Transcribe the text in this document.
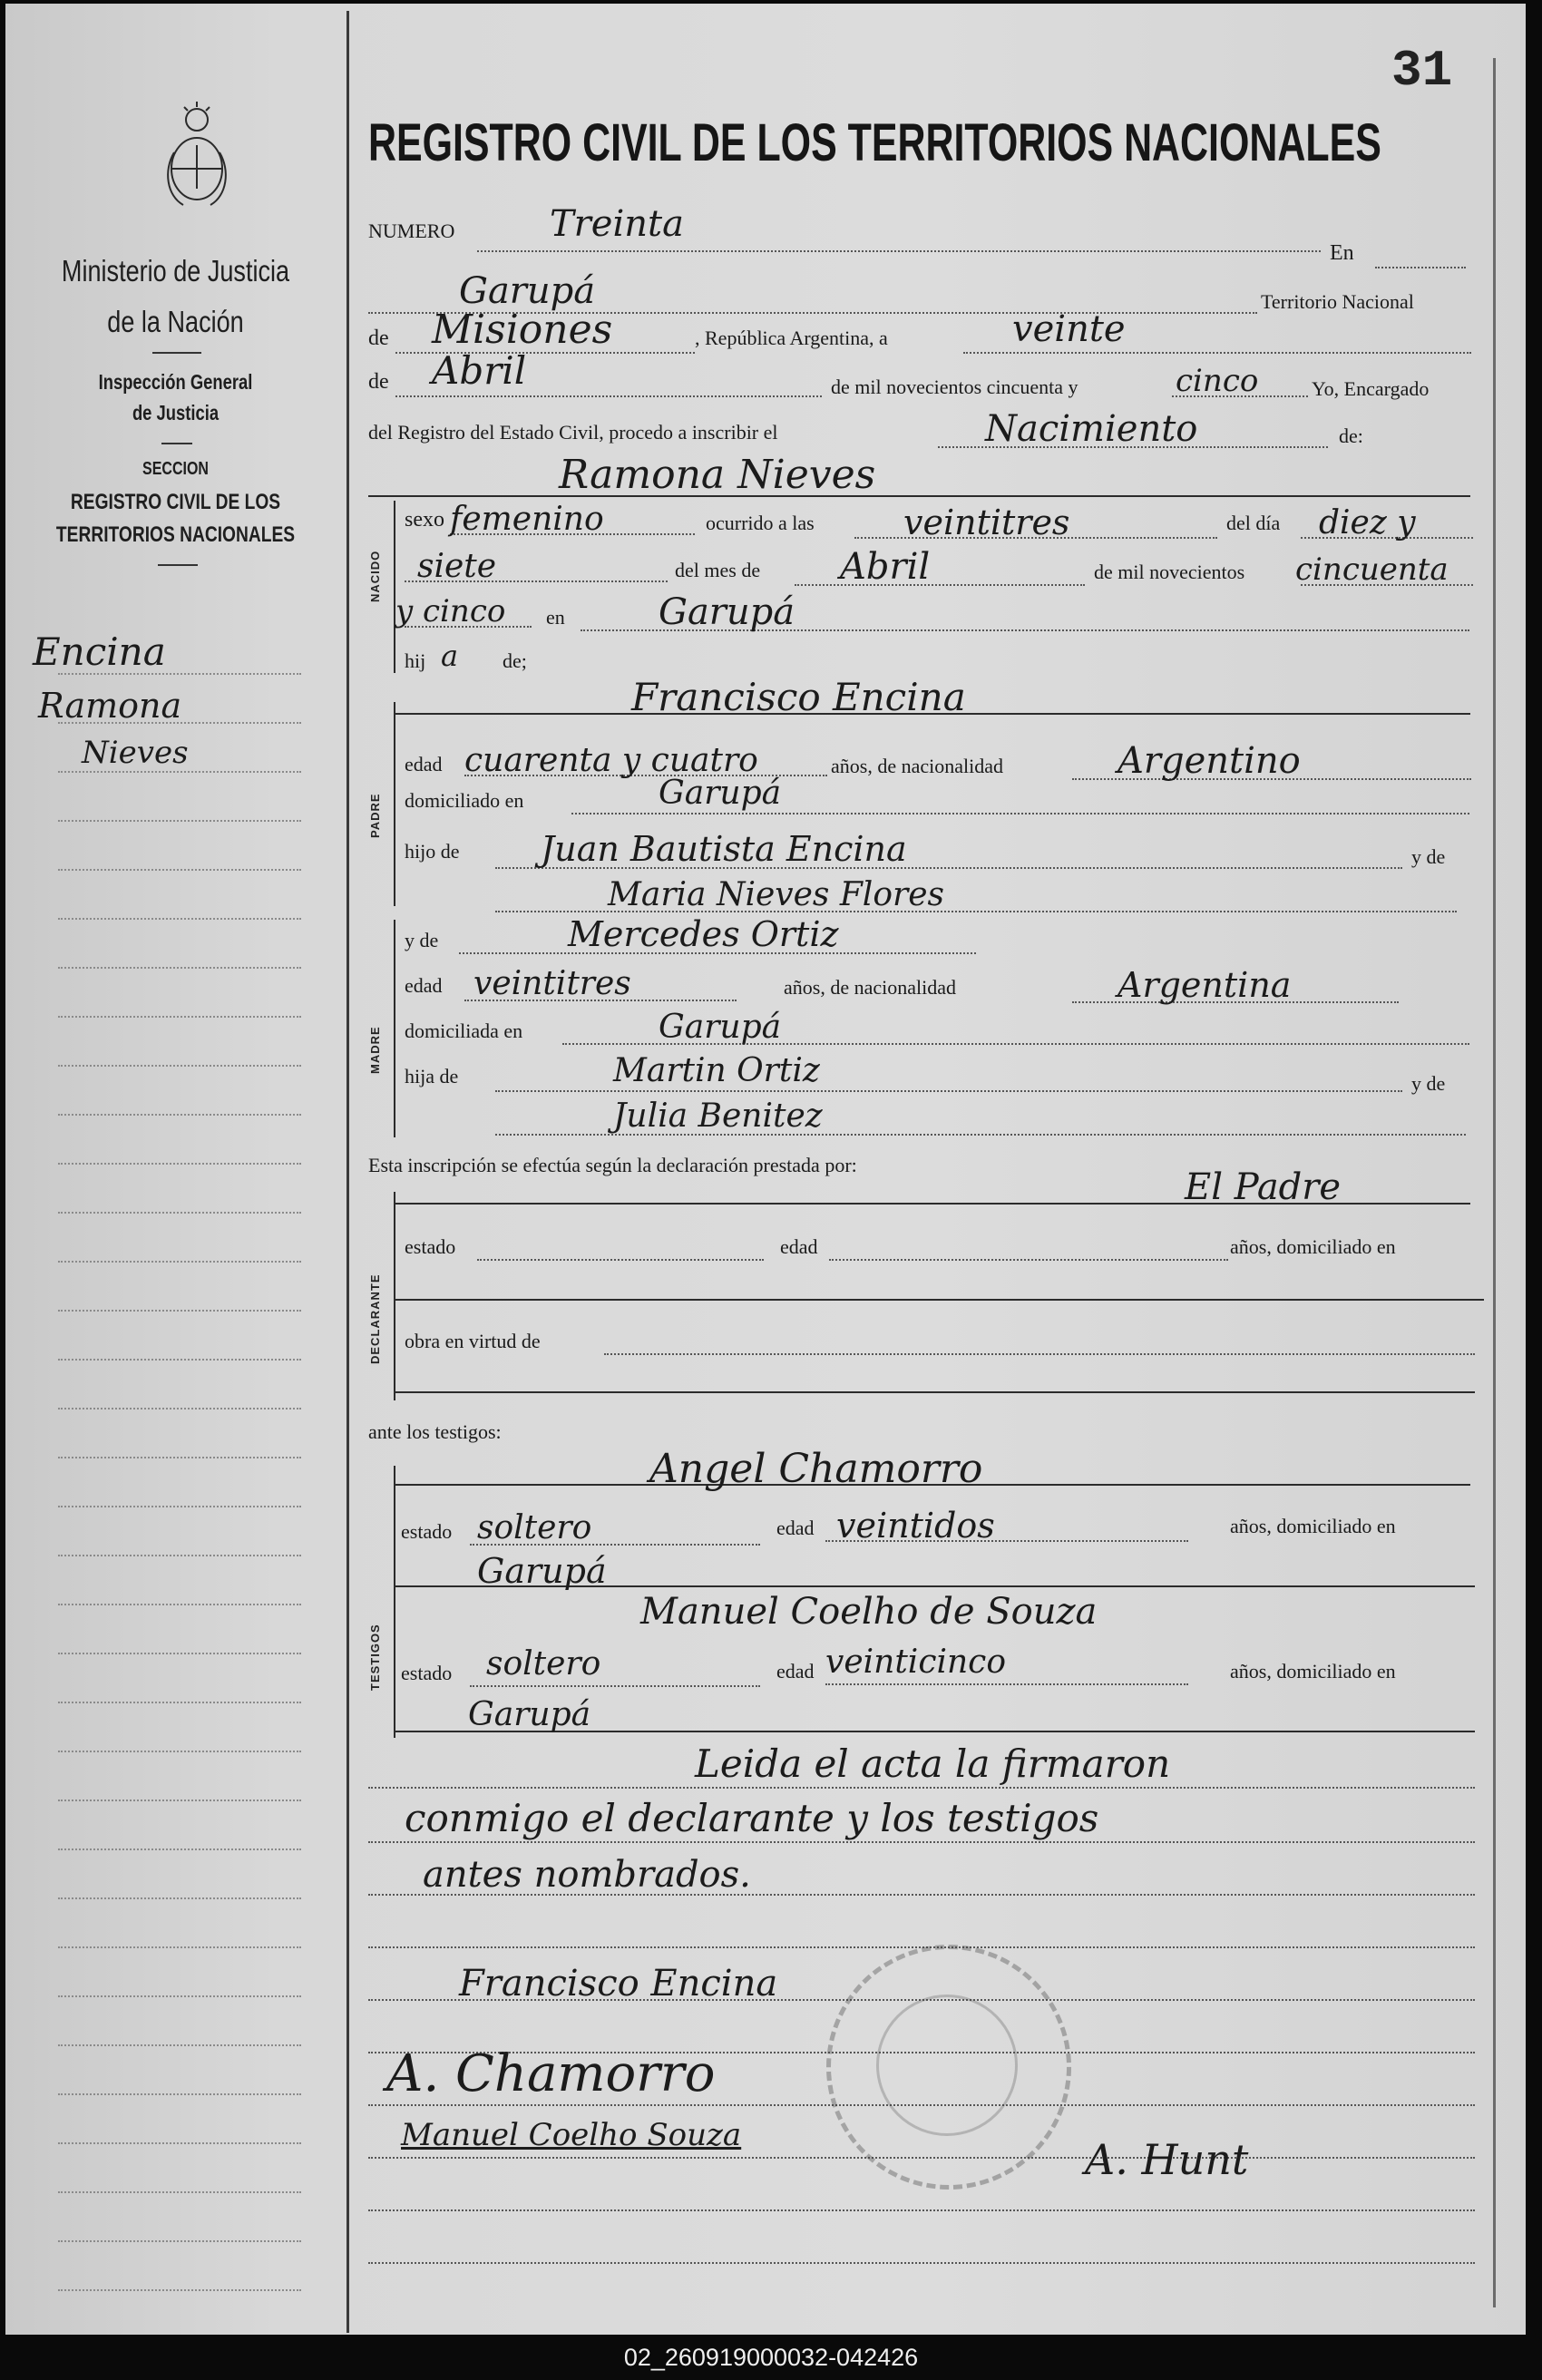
Ministerio de Justicia
de la Nación
Inspección General
de Justicia
SECCION
REGISTRO CIVIL DE LOS
TERRITORIOS NACIONALES
Encina
Ramona
Nieves
31
REGISTRO CIVIL DE LOS TERRITORIOS NACIONALES
NUMERO	Treinta
En
Garupá	Territorio Nacional
de Misiones	, República Argentina, a	veinte
de Abril	de mil novecientos cincuenta y	cinco	Yo, Encargado
del Registro del Estado Civil, procedo a inscribir el	Nacimiento	de:
Ramona Nieves
NACIDO
sexo femenino	ocurrido a las	veintitres	del día diez y
siete	del mes de Abril	de mil novecientos cincuenta
y cinco en	Garupá
hij a de;
Francisco Encina
PADRE
edad cuarenta y cuatro	años, de nacionalidad	Argentino
domiciliado en	Garupá
hijo de Juan Bautista Encina	y de
Maria Nieves Flores
MADRE
y de	Mercedes Ortiz
edad veintitres	años, de nacionalidad	Argentina
domiciliada en	Garupá
hija de	Martin Ortiz	y de
Julia Benitez
Esta inscripción se efectúa según la declaración prestada por:
El Padre
DECLARANTE
estado	edad	años, domiciliado en
obra en virtud de
ante los testigos:
TESTIGOS
Angel Chamorro
estado soltero	edad veintidos	años, domiciliado en
Garupá
Manuel Coelho de Souza
estado soltero	edad veinticinco	años, domiciliado en
Garupá
Leida el acta la firmaron
conmigo el declarante y los testigos
antes nombrados.
Francisco Encina
A. Chamorro
Manuel Coelho Souza	A. Hunt
02_260919000032-042426
